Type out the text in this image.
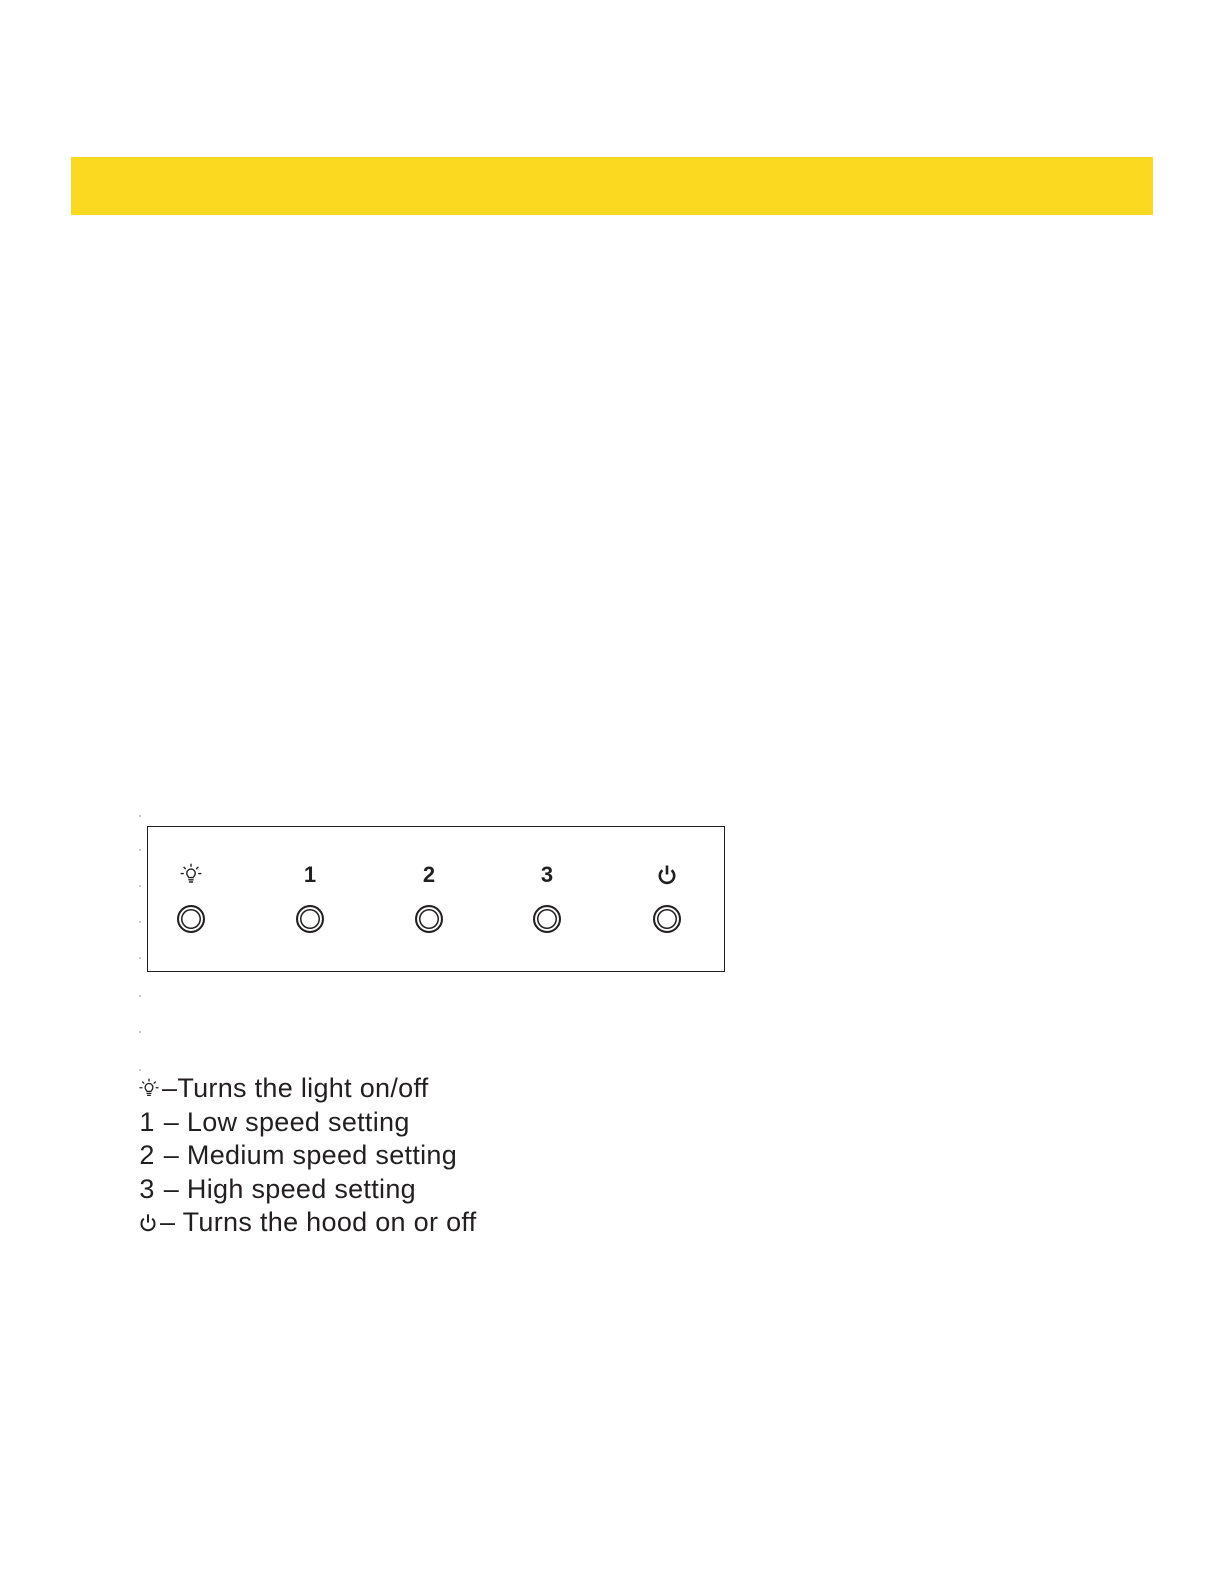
1	2	3
–Turns the light on/off
1 – Low speed setting
2 – Medium speed setting
3 – High speed setting
– Turns the hood on or off
